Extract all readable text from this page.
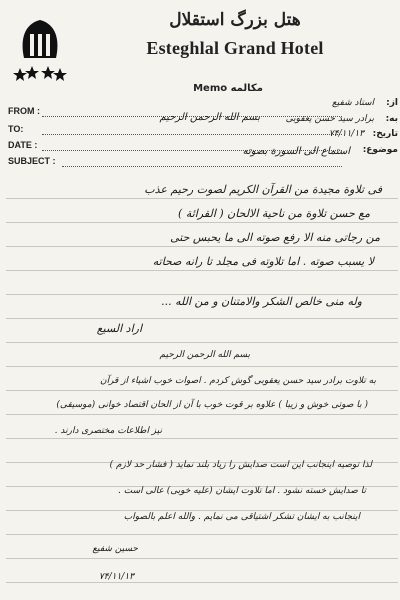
هتل بزرگ استقلال
Esteghlal Grand Hotel
Memo مکالمه
FROM :
TO:
DATE :
SUBJECT :
از:
به:
تاریخ:
موضوع:
بسم الله الرحمن الرحیم
استاد شفیع
برادر سید حسن یعقوبی
۷۴/۱۱/۱۳
استماع الی السورة بصوته
فی تلاوة مجیدة من القرآن الکریم لصوت رحیم عذب
مع حسن تلاوة من ناحیة الالحان ( القرائة )
من رجاتی منه الا رفع صوته الی ما یحبس حتی
لا یسبب صوته . اما تلاوته فی مجلد تا رانه صحاته
وله منی خالص الشکر والامتنان و من الله ...
اراد السیع
بسم الله الرحمن الرحیم
به تلاوت برادر سید حسن یعقوبی گوش کردم . اصوات خوب اشیاء از قرآن
( با صوتی خوش و زیبا ) علاوه بر قوت خوب با آن از الحان اقتصاد خوانی (موسیقی)
نیز اطلاعات مختصری دارند .
لذا توصیه اینجانب این است صدایش را زیاد بلند نماید ( فشار حد لازم )
تا صدایش خسته نشود . اما تلاوت ایشان (علیه خوبی) عالی است .
اینجانب به ایشان تشکر اشتیاقی می نمایم . والله اعلم بالصواب
حسین شفیع
۷۴/۱۱/۱۳
